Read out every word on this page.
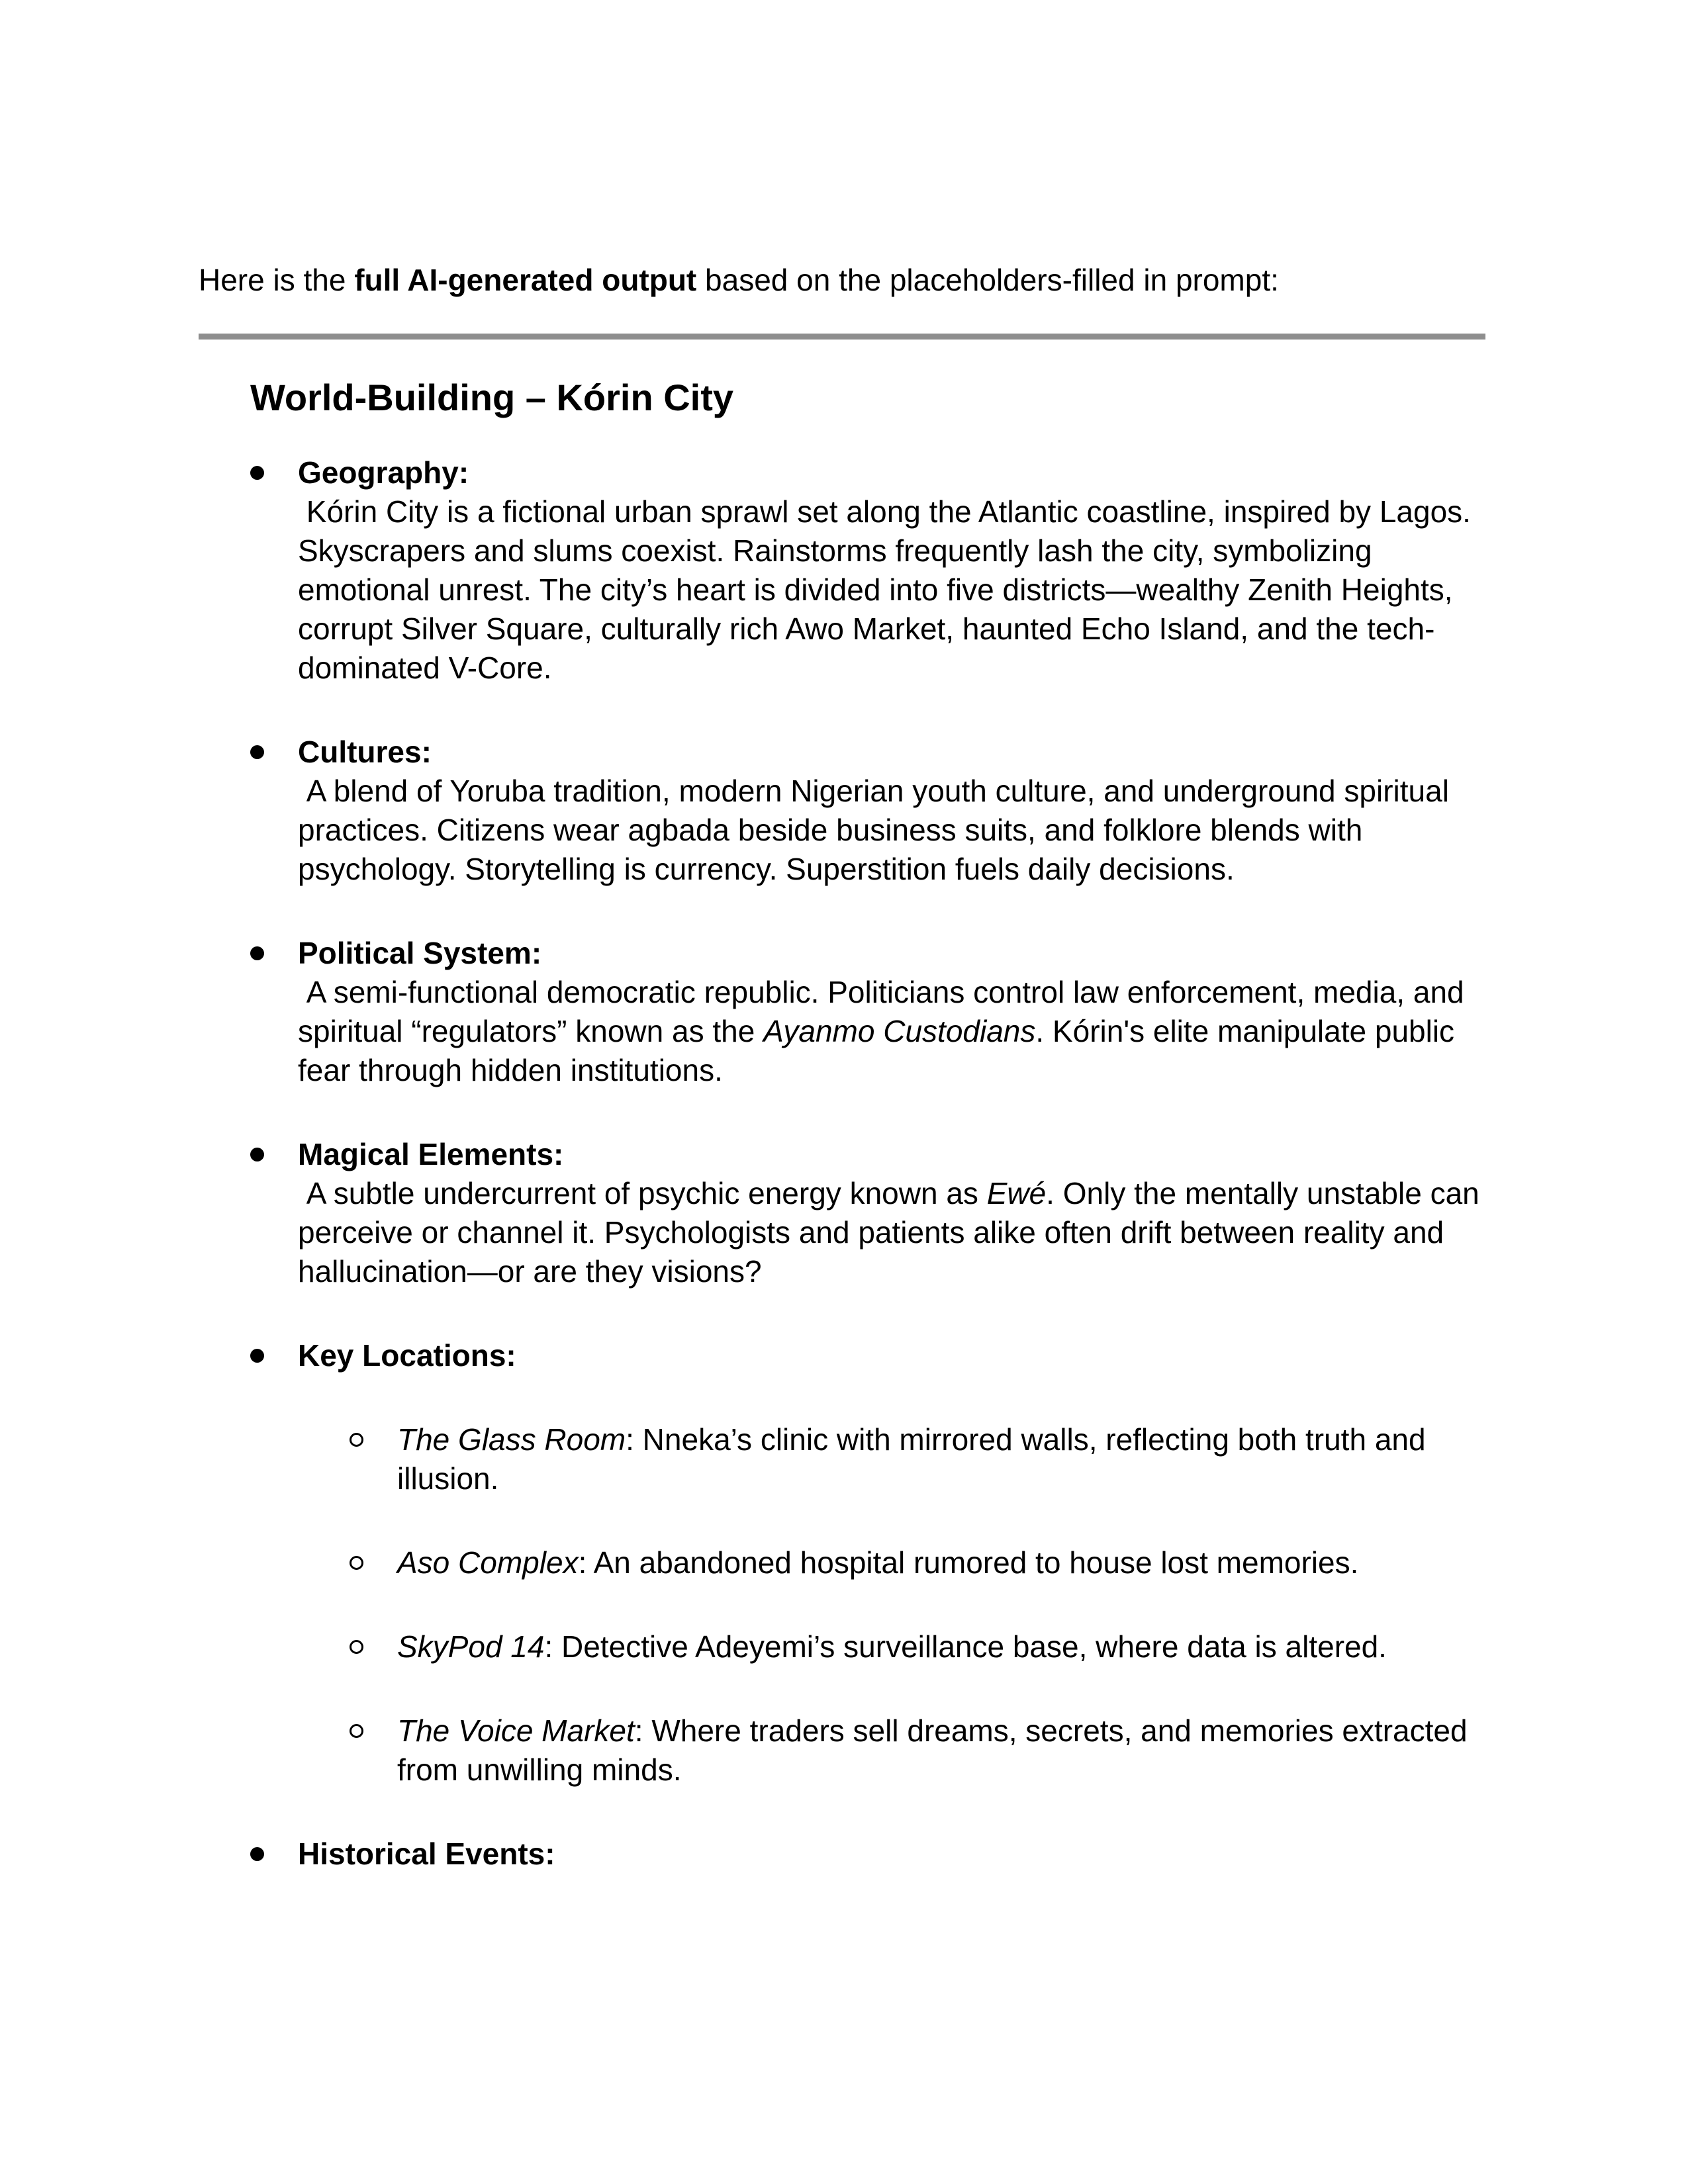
Here is the full AI-generated output based on the placeholders-filled in prompt:

World-Building – Kórin City
Geography:
Kórin City is a fictional urban sprawl set along the Atlantic coastline, inspired by Lagos. Skyscrapers and slums coexist. Rainstorms frequently lash the city, symbolizing emotional unrest. The city’s heart is divided into five districts—wealthy Zenith Heights, corrupt Silver Square, culturally rich Awo Market, haunted Echo Island, and the tech-dominated V-Core.
Cultures:
A blend of Yoruba tradition, modern Nigerian youth culture, and underground spiritual practices. Citizens wear agbada beside business suits, and folklore blends with psychology. Storytelling is currency. Superstition fuels daily decisions.
Political System:
A semi-functional democratic republic. Politicians control law enforcement, media, and spiritual “regulators” known as the Ayanmo Custodians. Kórin's elite manipulate public fear through hidden institutions.
Magical Elements:
A subtle undercurrent of psychic energy known as Ewé. Only the mentally unstable can perceive or channel it. Psychologists and patients alike often drift between reality and hallucination—or are they visions?
Key Locations:
The Glass Room: Nneka’s clinic with mirrored walls, reflecting both truth and illusion.
Aso Complex: An abandoned hospital rumored to house lost memories.
SkyPod 14: Detective Adeyemi’s surveillance base, where data is altered.
The Voice Market: Where traders sell dreams, secrets, and memories extracted from unwilling minds.
Historical Events:
